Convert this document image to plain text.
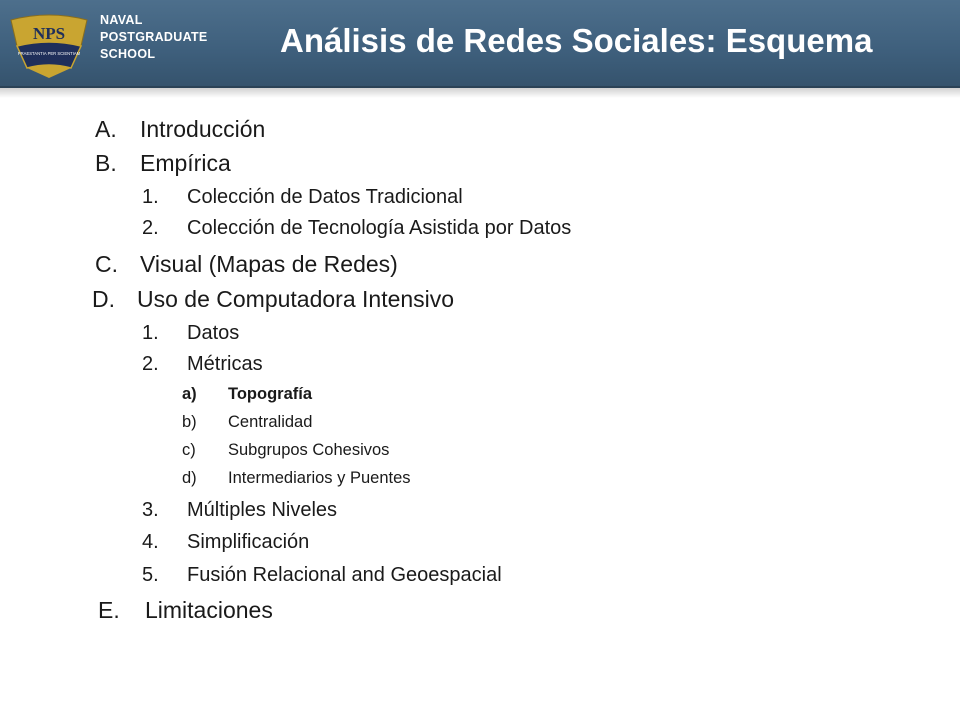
NPS
PRAESTANTIA PER SCIENTIAM
NAVAL
POSTGRADUATE
SCHOOL	Análisis de Redes Sociales: Esquema
A. Introducción
B. Empírica
1. Colección de Datos Tradicional
2. Colección de Tecnología Asistida por Datos
C. Visual (Mapas de Redes)
D. Uso de Computadora Intensivo
1. Datos
2. Métricas
a) Topografía
b) Centralidad
c) Subgrupos Cohesivos
d) Intermediarios y Puentes
3. Múltiples Niveles
4. Simplificación
5. Fusión Relacional and Geoespacial
E. Limitaciones
